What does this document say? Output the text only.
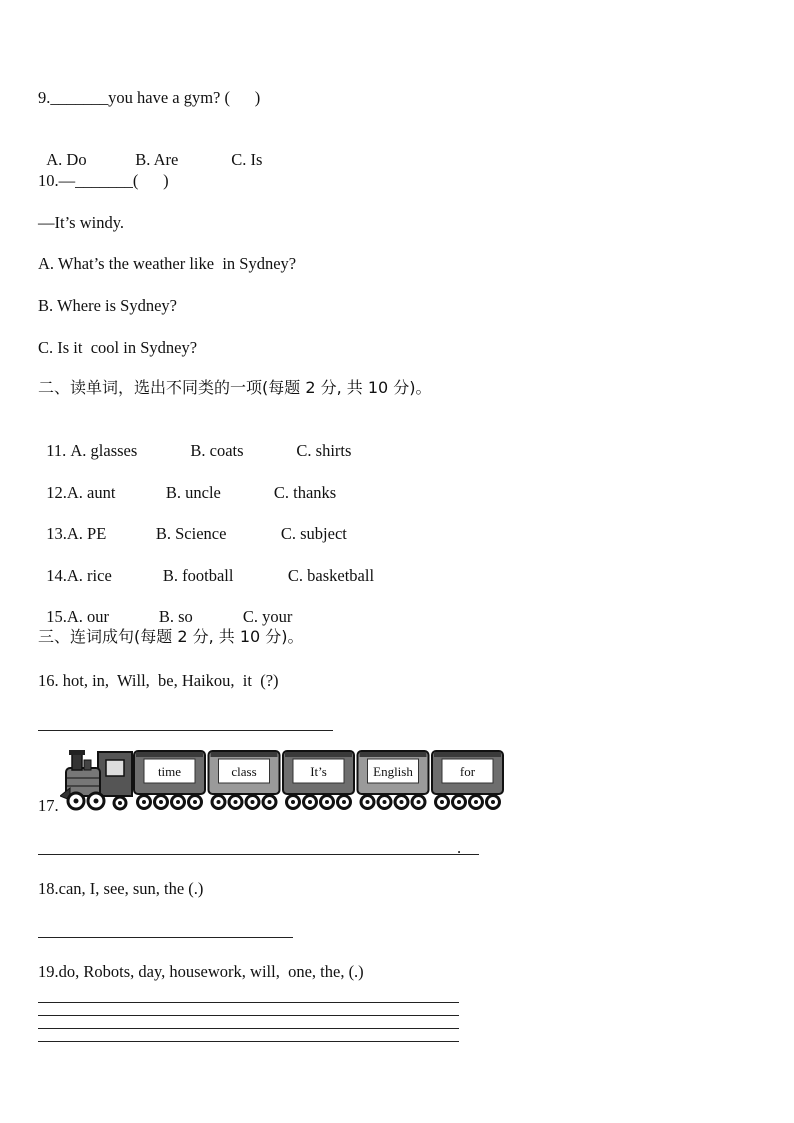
9._______you have a gym? (      )

A. Do	B. Are	C. Is

10.—_______(      )
—It’s windy.
A. What’s the weather like  in Sydney?
B. Where is Sydney?
C. Is it  cool in Sydney?
二、读单词，选出不同类的一项(每题 2 分, 共 10 分)。

11. A. glasses	B. coats	C. shirts

12.A. aunt	B. uncle	C. thanks

13.A. PE	B. Science	C. subject

14.A. rice	B. football	C. basketball

15.A. our	B. so	C. your

三、连词成句(每题 2 分, 共 10 分)。
16. hot, in,  Will,  be, Haikou,  it  (?)
17.
time	class	It’s	English	for
.
18.can, I, see, sun, the (.)
19.do, Robots, day, housework, will,  one, the, (.)
